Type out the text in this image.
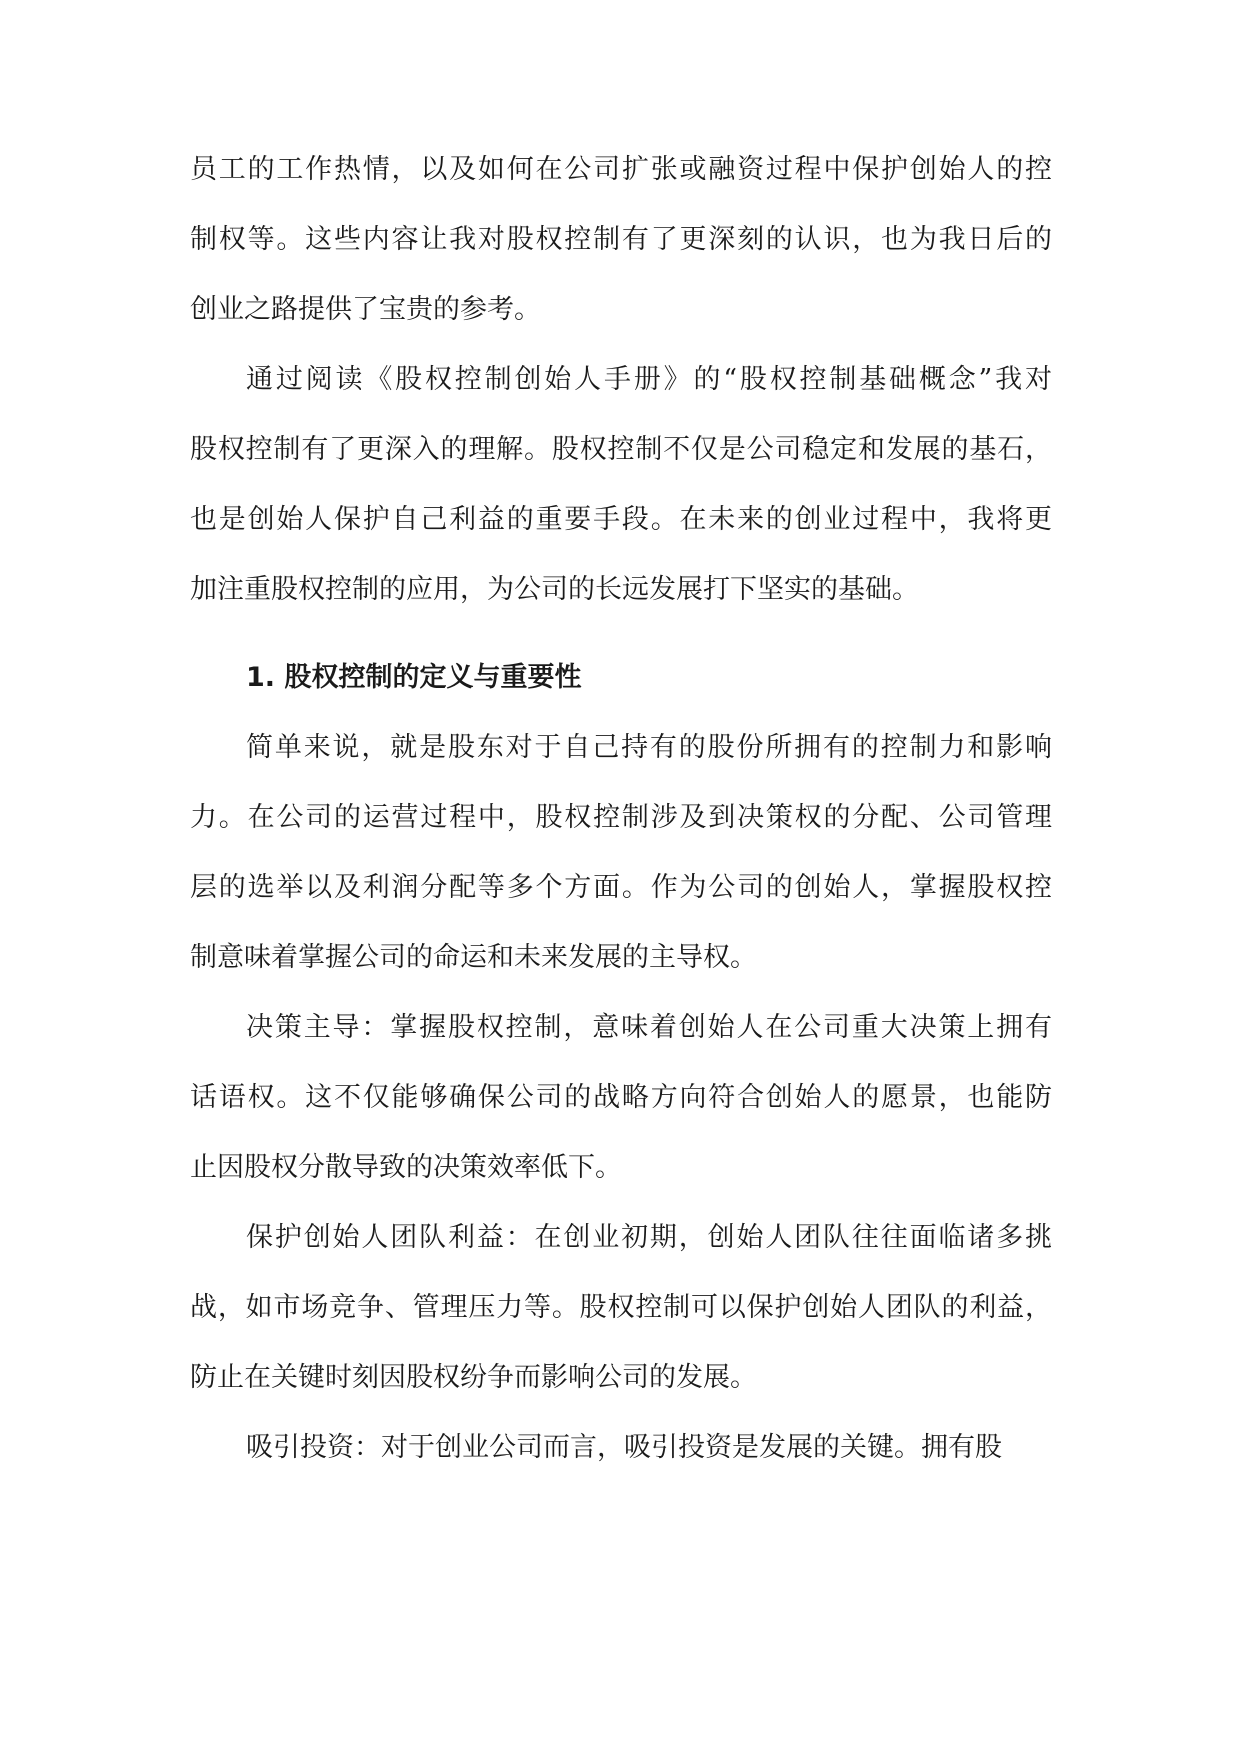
员工的工作热情，以及如何在公司扩张或融资过程中保护创始人的控
制权等。这些内容让我对股权控制有了更深刻的认识，也为我日后的
创业之路提供了宝贵的参考。
通过阅读《股权控制创始人手册》的“股权控制基础概念”我对
股权控制有了更深入的理解。股权控制不仅是公司稳定和发展的基石，
也是创始人保护自己利益的重要手段。在未来的创业过程中，我将更
加注重股权控制的应用，为公司的长远发展打下坚实的基础。
1. 股权控制的定义与重要性
简单来说，就是股东对于自己持有的股份所拥有的控制力和影响
力。在公司的运营过程中，股权控制涉及到决策权的分配、公司管理
层的选举以及利润分配等多个方面。作为公司的创始人，掌握股权控
制意味着掌握公司的命运和未来发展的主导权。
决策主导：掌握股权控制，意味着创始人在公司重大决策上拥有
话语权。这不仅能够确保公司的战略方向符合创始人的愿景，也能防
止因股权分散导致的决策效率低下。
保护创始人团队利益：在创业初期，创始人团队往往面临诸多挑
战，如市场竞争、管理压力等。股权控制可以保护创始人团队的利益，
防止在关键时刻因股权纷争而影响公司的发展。
吸引投资：对于创业公司而言，吸引投资是发展的关键。拥有股
